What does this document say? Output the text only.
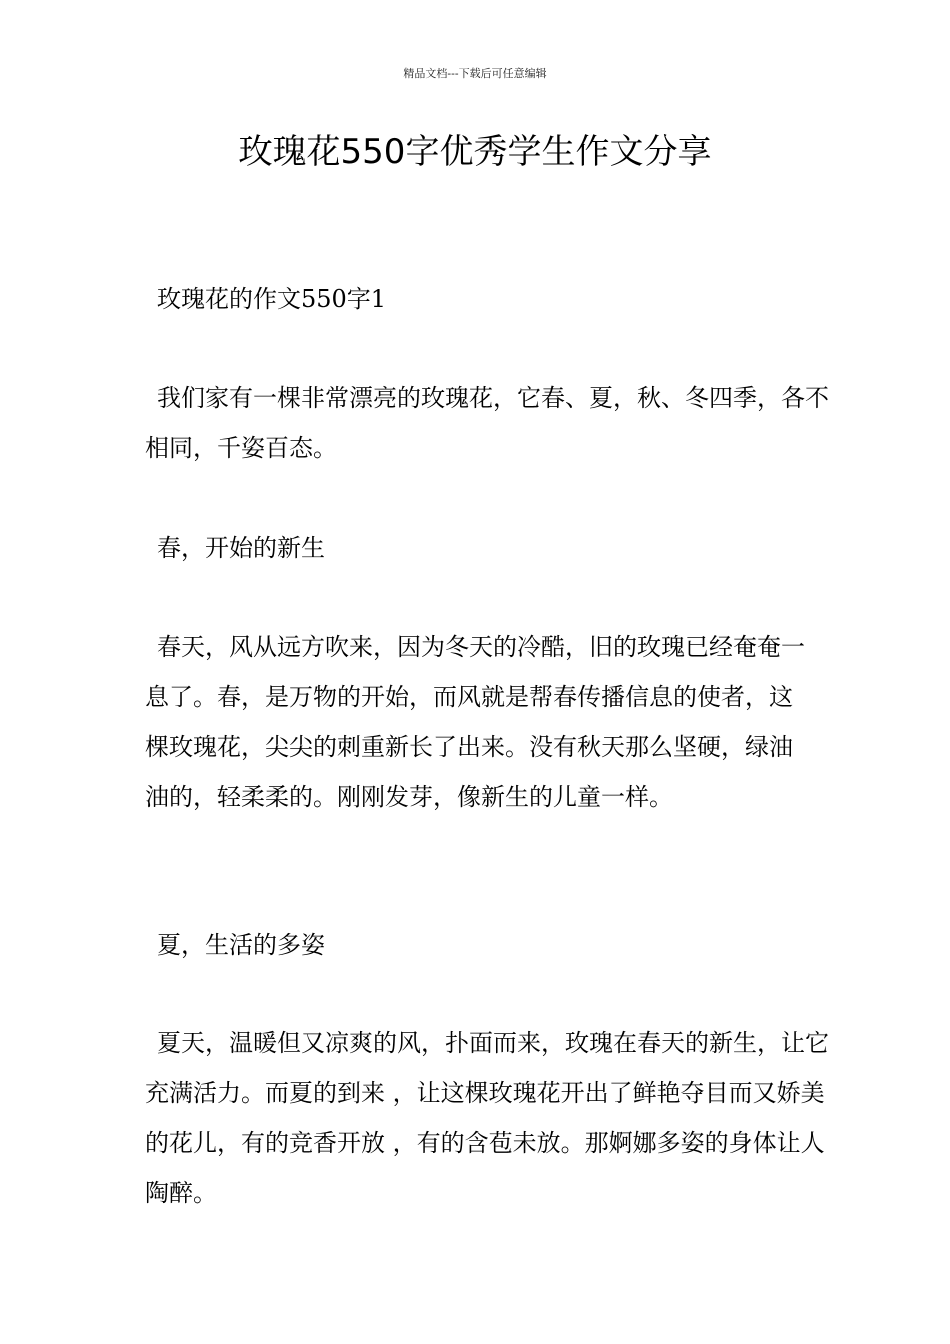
精品文档---下载后可任意编辑
玫瑰花550字优秀学生作文分享

玫瑰花的作文550字1

我们家有一棵非常漂亮的玫瑰花，它春、夏，秋、冬四季，各不相同，千姿百态。

春，开始的新生

春天，风从远方吹来，因为冬天的冷酷，旧的玫瑰已经奄奄一息了。春，是万物的开始，而风就是帮春传播信息的使者，这棵玫瑰花，尖尖的刺重新长了出来。没有秋天那么坚硬，绿油油的，轻柔柔的。刚刚发芽，像新生的儿童一样。

夏，生活的多姿

夏天，温暖但又凉爽的风，扑面而来，玫瑰在春天的新生，让它充满活力。而夏的到来 ，让这棵玫瑰花开出了鲜艳夺目而又娇美的花儿，有的竞香开放 ，有的含苞未放。那婀娜多姿的身体让人陶醉。
